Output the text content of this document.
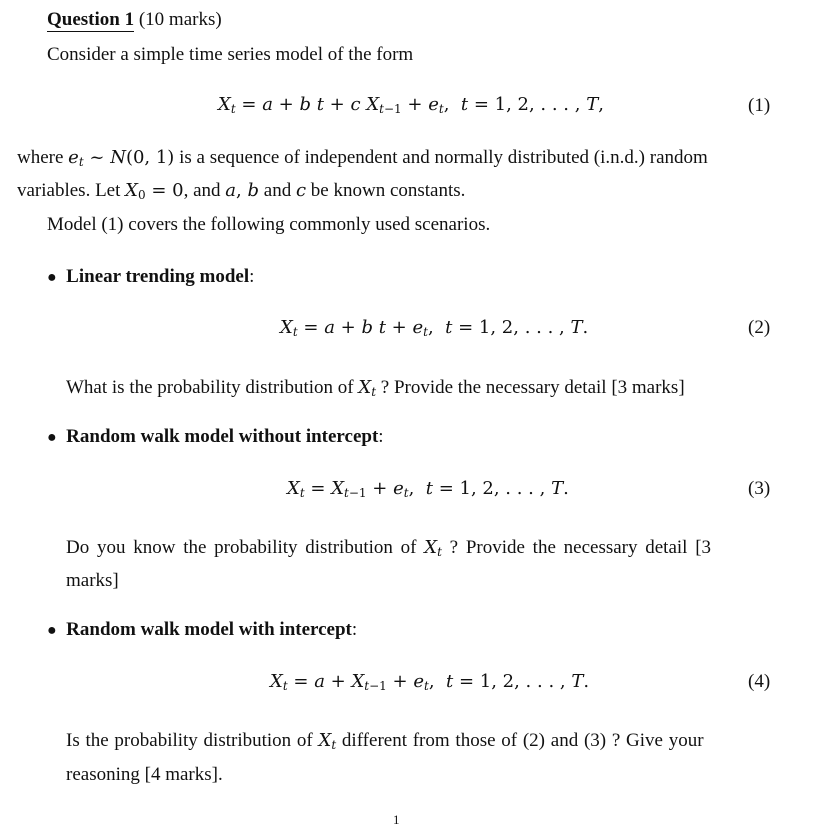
Question 1 (10 marks)
Consider a simple time series model of the form
$X_t = a + b$ t + c $X_{t-1} + e_t$,  t = 1, 2, . . . , T,	(1)
where $e_t$ ~ N(0, 1) is a sequence of independent and normally distributed (i.n.d.) random
variables. Let $X_0 = 0$, and a, b and c be known constants.
Model (1) covers the following commonly used scenarios.
● Linear trending model:
$X_t = a + b$ $t + e_t$,  t = 1, 2, . . . , T.	(2)
What is the probability distribution of $X_t$ ? Provide the necessary detail [3 marks]
● Random walk model without intercept:
$X_t = X_{t-1} + e_t$,  t = 1, 2, . . . , T.	(3)
Do you know the probability distribution of $X_t$ ? Provide the necessary detail [3
marks]
● Random walk model with intercept:
$X_t = a + X_{t-1} + e_t$,  t = 1, 2, . . . , T.	(4)
Is the probability distribution of $X_t$ different from those of (2) and (3) ? Give your
reasoning [4 marks].
1
